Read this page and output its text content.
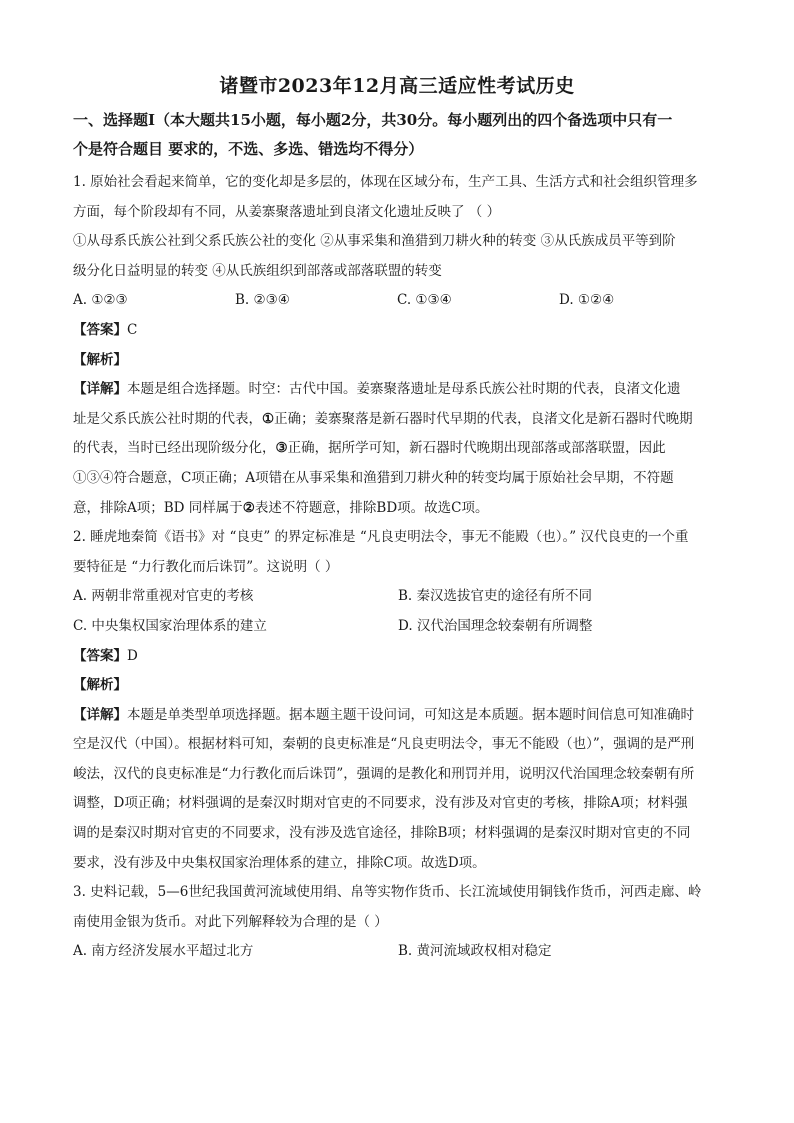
诸暨市2023年12月高三适应性考试历史
一、选择题Ⅰ（本大题共15小题，每小题2分，共30分。每小题列出的四个备选项中只有一
个是符合题目 要求的，不选、多选、错选均不得分）
1. 原始社会看起来简单，它的变化却是多层的，体现在区域分布，生产工具、生活方式和社会组织管理多
方面，每个阶段却有不同，从姜寨聚落遗址到良渚文化遗址反映了 （ ）
①从母系氏族公社到父系氏族公社的变化 ②从事采集和渔猎到刀耕火种的转变 ③从氏族成员平等到阶
级分化日益明显的转变 ④从氏族组织到部落或部落联盟的转变
A. ①②③	B. ②③④	C. ①③④	D. ①②④
【答案】C
【解析】
【详解】本题是组合选择题。时空：古代中国。姜寨聚落遗址是母系氏族公社时期的代表，良渚文化遗
址是父系氏族公社时期的代表，①正确；姜寨聚落是新石器时代早期的代表，良渚文化是新石器时代晚期
的代表，当时已经出现阶级分化，③正确，据所学可知，新石器时代晚期出现部落或部落联盟，因此
①③④符合题意，C项正确；A项错在从事采集和渔猎到刀耕火种的转变均属于原始社会早期，不符题
意，排除A项；BD 同样属于②表述不符题意，排除BD项。故选C项。
2. 睡虎地秦简《语书》对 “良吏” 的界定标准是 “凡良吏明法令，事无不能殿（也）。” 汉代良吏的一个重
要特征是 “力行教化而后诛罚”。这说明（ ）
A. 两朝非常重视对官吏的考核	B. 秦汉选拔官吏的途径有所不同
C. 中央集权国家治理体系的建立	D. 汉代治国理念较秦朝有所调整
【答案】D
【解析】
【详解】本题是单类型单项选择题。据本题主题干设问词，可知这是本质题。据本题时间信息可知准确时
空是汉代（中国）。根据材料可知，秦朝的良吏标准是“凡良吏明法令，事无不能殴（也）”，强调的是严刑
峻法，汉代的良吏标准是“力行教化而后诛罚”，强调的是教化和刑罚并用，说明汉代治国理念较秦朝有所
调整，D项正确；材料强调的是秦汉时期对官吏的不同要求，没有涉及对官吏的考核，排除A项；材料强
调的是秦汉时期对官吏的不同要求，没有涉及选官途径，排除B项；材料强调的是秦汉时期对官吏的不同
要求，没有涉及中央集权国家治理体系的建立，排除C项。故选D项。
3. 史料记载，5—6世纪我国黄河流域使用绢、帛等实物作货币、长江流域使用铜钱作货币，河西走廊、岭
南使用金银为货币。对此下列解释较为合理的是（ ）
A. 南方经济发展水平超过北方	B. 黄河流域政权相对稳定
